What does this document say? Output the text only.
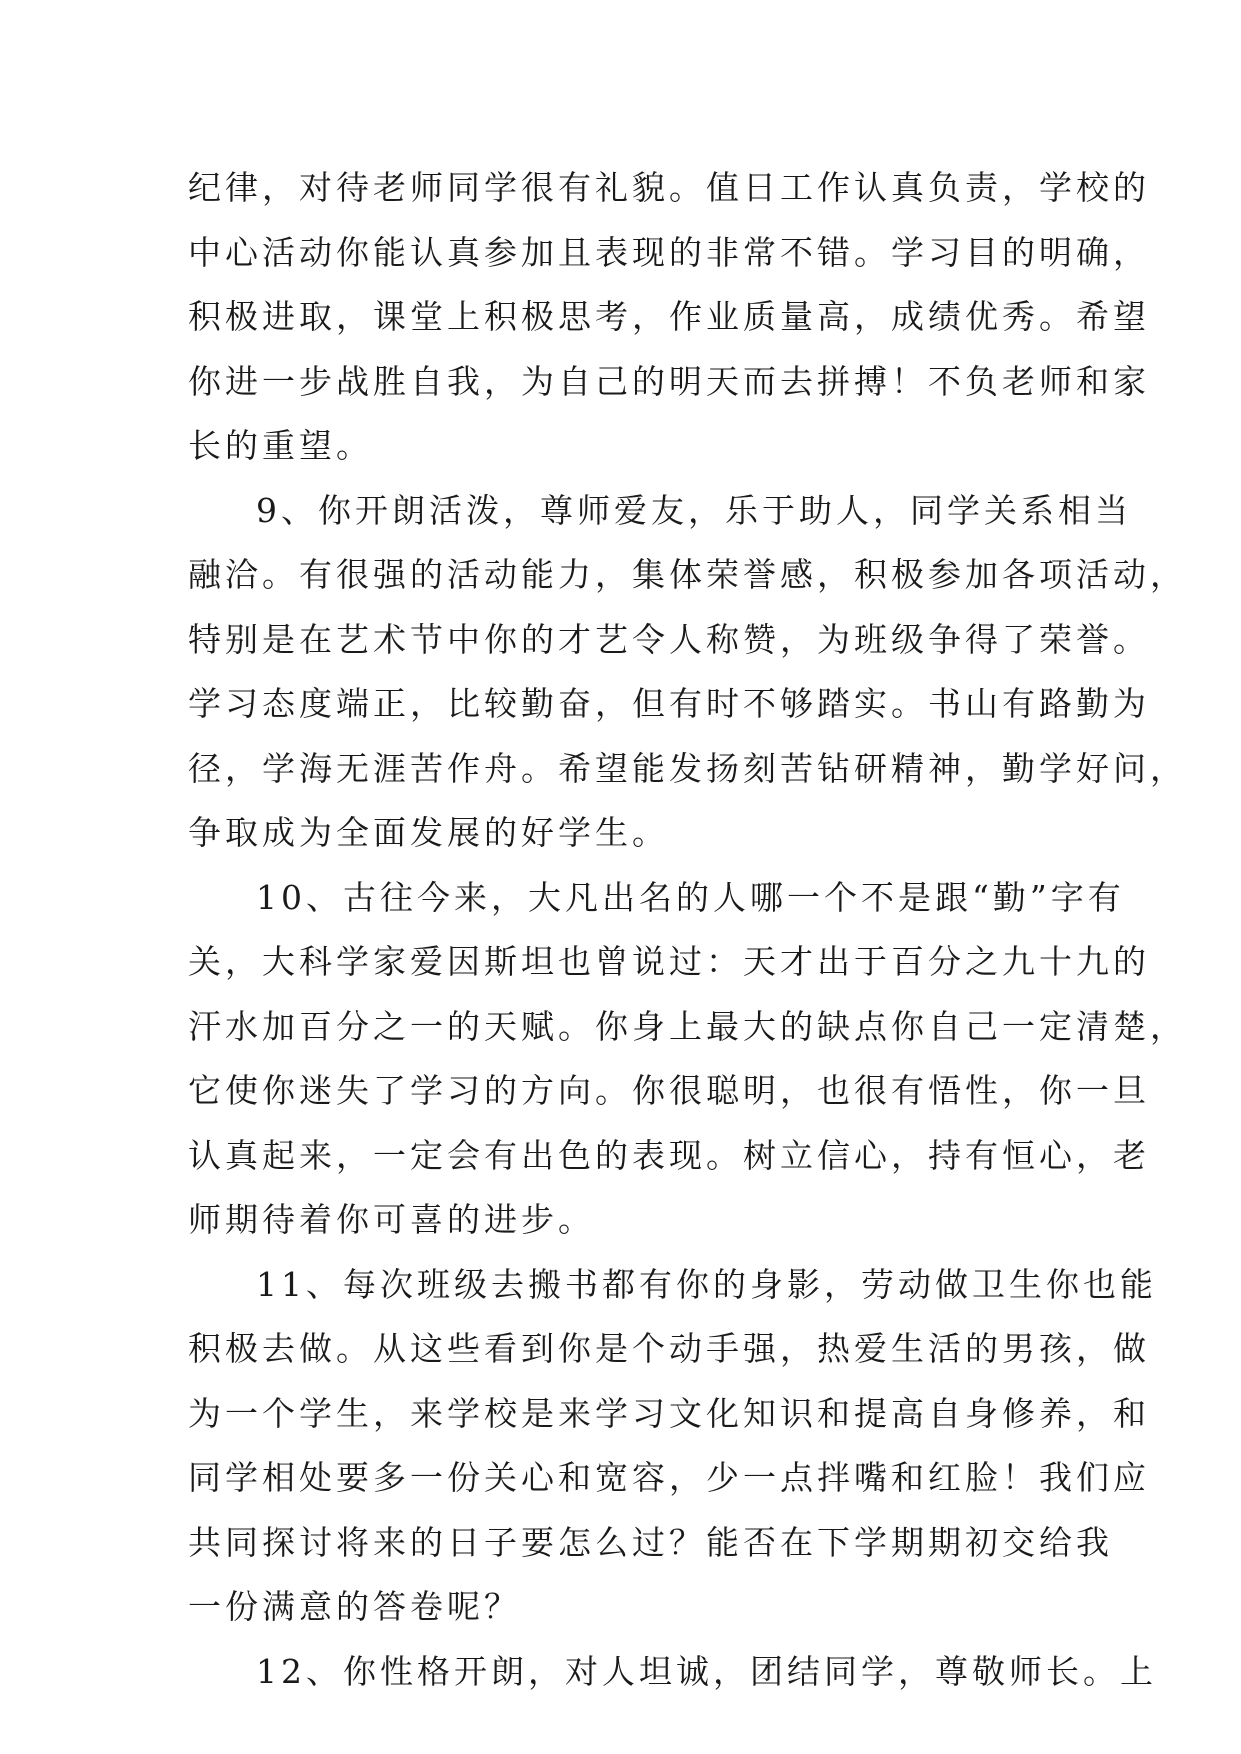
纪律，对待老师同学很有礼貌。值日工作认真负责，学校的
中心活动你能认真参加且表现的非常不错。学习目的明确，
积极进取，课堂上积极思考，作业质量高，成绩优秀。希望
你进一步战胜自我，为自己的明天而去拼搏！不负老师和家
长的重望。
9、你开朗活泼，尊师爱友，乐于助人，同学关系相当
融洽。有很强的活动能力，集体荣誉感，积极参加各项活动，
特别是在艺术节中你的才艺令人称赞，为班级争得了荣誉。
学习态度端正，比较勤奋，但有时不够踏实。书山有路勤为
径，学海无涯苦作舟。希望能发扬刻苦钻研精神，勤学好问，
争取成为全面发展的好学生。
10、古往今来，大凡出名的人哪一个不是跟“勤”字有
关，大科学家爱因斯坦也曾说过：天才出于百分之九十九的
汗水加百分之一的天赋。你身上最大的缺点你自己一定清楚，
它使你迷失了学习的方向。你很聪明，也很有悟性，你一旦
认真起来，一定会有出色的表现。树立信心，持有恒心，老
师期待着你可喜的进步。
11、每次班级去搬书都有你的身影，劳动做卫生你也能
积极去做。从这些看到你是个动手强，热爱生活的男孩，做
为一个学生，来学校是来学习文化知识和提高自身修养，和
同学相处要多一份关心和宽容，少一点拌嘴和红脸！我们应
共同探讨将来的日子要怎么过？能否在下学期期初交给我
一份满意的答卷呢？
12、你性格开朗，对人坦诚，团结同学，尊敬师长。上
